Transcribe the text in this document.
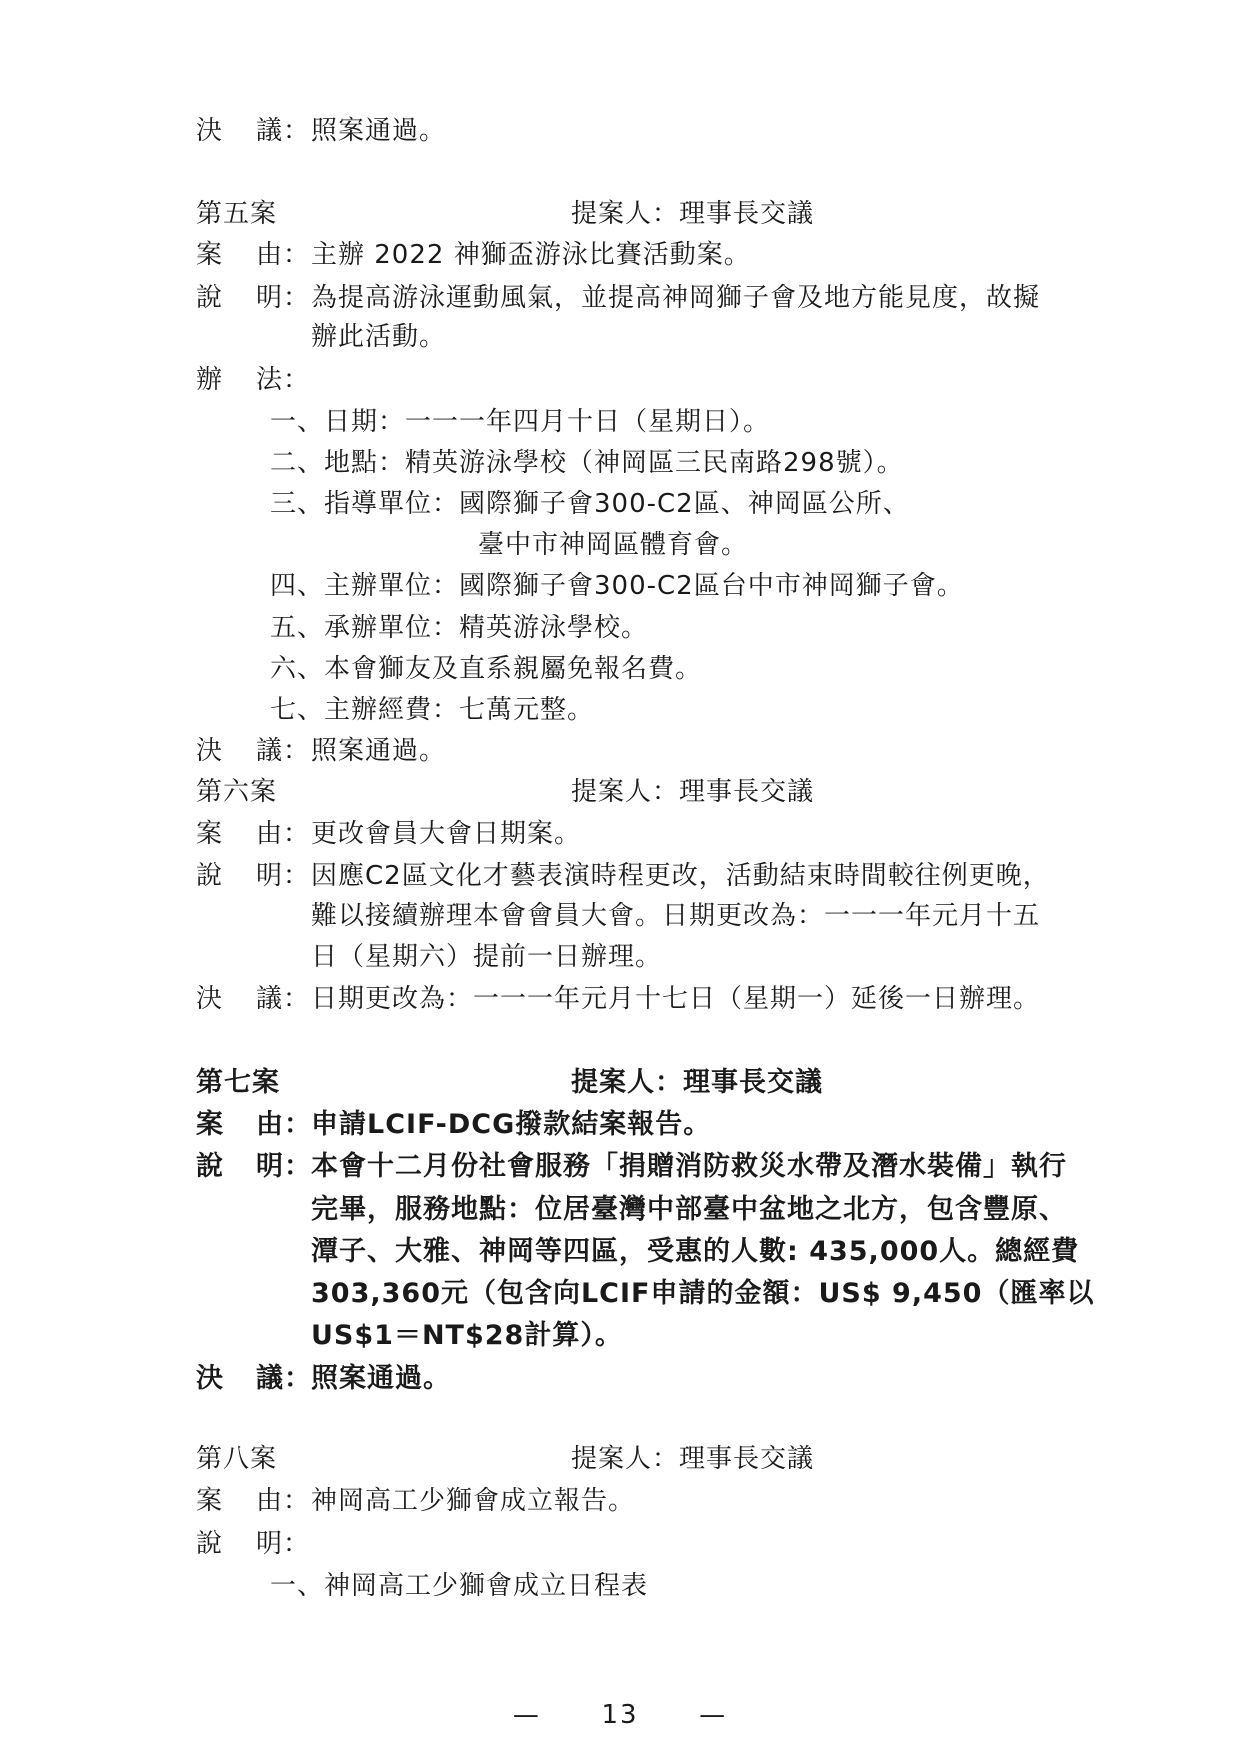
決 議：照案通過。
第五案	提案人：理事長交議
案 由：主辦 2022 神獅盃游泳比賽活動案。
說 明：為提高游泳運動風氣，並提高神岡獅子會及地方能見度，故擬
辦此活動。
辦 法：
一、日期：一一一年四月十日（星期日）。
二、地點：精英游泳學校（神岡區三民南路298號）。
三、指導單位：國際獅子會300-C2區、神岡區公所、
臺中市神岡區體育會。
四、主辦單位：國際獅子會300-C2區台中市神岡獅子會。
五、承辦單位：精英游泳學校。
六、本會獅友及直系親屬免報名費。
七、主辦經費：七萬元整。
決 議：照案通過。
第六案	提案人：理事長交議
案 由：更改會員大會日期案。
說 明：因應C2區文化才藝表演時程更改，活動結束時間較往例更晚，
難以接續辦理本會會員大會。日期更改為：一一一年元月十五
日（星期六）提前一日辦理。
決 議：日期更改為：一一一年元月十七日（星期一）延後一日辦理。
第七案	提案人：理事長交議
案 由：申請LCIF-DCG撥款結案報告。
說 明：本會十二月份社會服務「捐贈消防救災水帶及潛水裝備」執行
完畢，服務地點：位居臺灣中部臺中盆地之北方，包含豐原、
潭子、大雅、神岡等四區，受惠的人數: 435,000人。總經費
303,360元（包含向LCIF申請的金額：US$ 9,450（匯率以
US$1＝NT$28計算）。
決 議：照案通過。
第八案	提案人：理事長交議
案 由：神岡高工少獅會成立報告。
說 明：
一、神岡高工少獅會成立日程表
— 13 —
